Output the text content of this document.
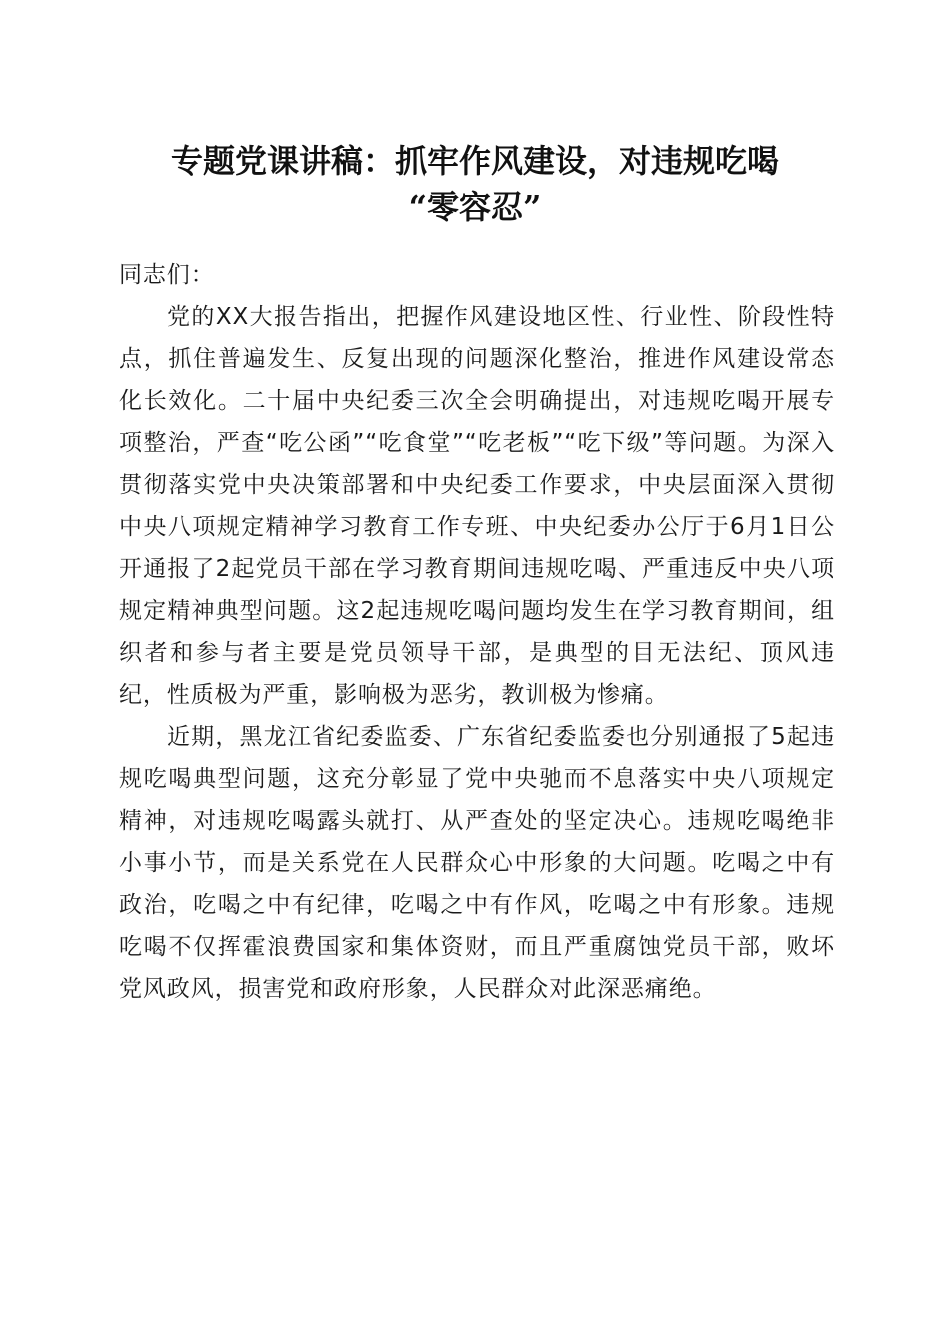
专题党课讲稿：抓牢作风建设，对违规吃喝
“零容忍”

同志们：

党的XX大报告指出，把握作风建设地区性、行业性、阶段性特点，抓住普遍发生、反复出现的问题深化整治，推进作风建设常态化长效化。二十届中央纪委三次全会明确提出，对违规吃喝开展专项整治，严查“吃公函”“吃食堂”“吃老板”“吃下级”等问题。为深入贯彻落实党中央决策部署和中央纪委工作要求，中央层面深入贯彻中央八项规定精神学习教育工作专班、中央纪委办公厅于6月1日公开通报了2起党员干部在学习教育期间违规吃喝、严重违反中央八项规定精神典型问题。这2起违规吃喝问题均发生在学习教育期间，组织者和参与者主要是党员领导干部，是典型的目无法纪、顶风违纪，性质极为严重，影响极为恶劣，教训极为惨痛。

近期，黑龙江省纪委监委、广东省纪委监委也分别通报了5起违规吃喝典型问题，这充分彰显了党中央驰而不息落实中央八项规定精神，对违规吃喝露头就打、从严查处的坚定决心。违规吃喝绝非小事小节，而是关系党在人民群众心中形象的大问题。吃喝之中有政治，吃喝之中有纪律，吃喝之中有作风，吃喝之中有形象。违规吃喝不仅挥霍浪费国家和集体资财，而且严重腐蚀党员干部，败坏党风政风，损害党和政府形象，人民群众对此深恶痛绝。
